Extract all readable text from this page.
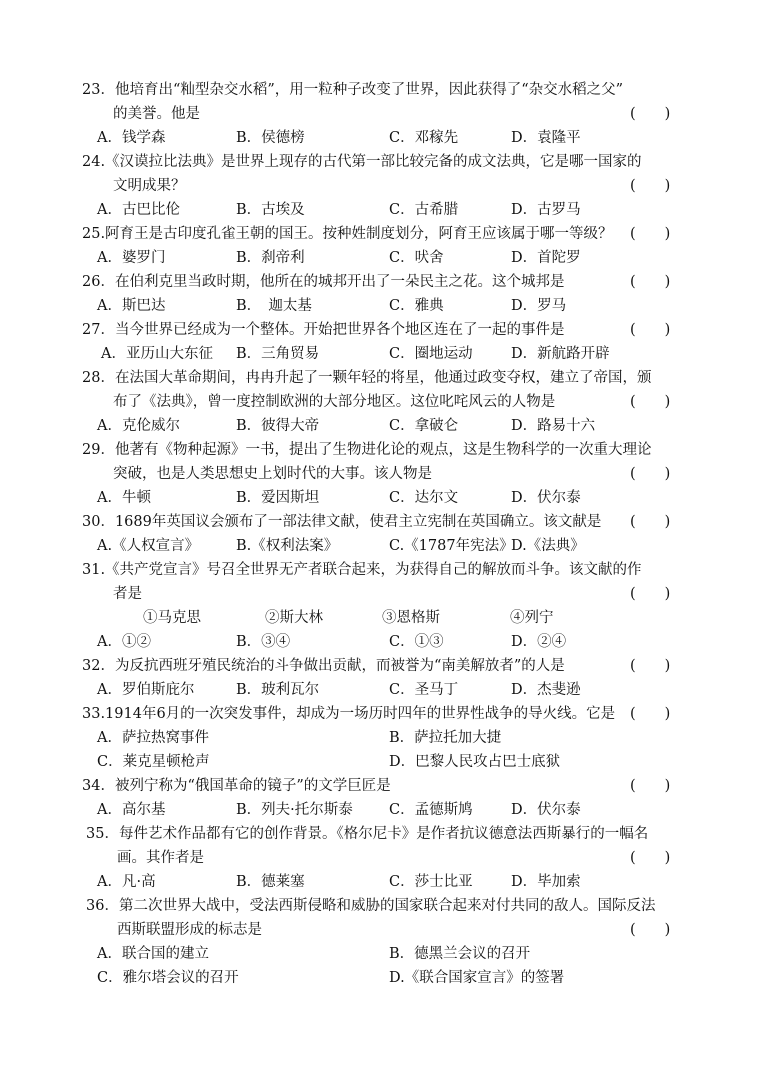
23．他培育出“籼型杂交水稻”，用一粒种子改变了世界，因此获得了“杂交水稻之父”
的美誉。他是	(　　)
A．钱学森	B．侯德榜	C．邓稼先	D．袁隆平
24.《汉谟拉比法典》是世界上现存的古代第一部比较完备的成文法典，它是哪一国家的
文明成果？	(　　)
A．古巴比伦	B．古埃及	C．古希腊	D．古罗马
25.阿育王是古印度孔雀王朝的国王。按种姓制度划分，阿育王应该属于哪一等级？ (　　)
A．婆罗门	B．刹帝利	C．吠舍	D．首陀罗
26．在伯利克里当政时期，他所在的城邦开出了一朵民主之花。这个城邦是	(　　)
A．斯巴达	B．　迦太基	C．雅典	D．罗马
27．当今世界已经成为一个整体。开始把世界各个地区连在了一起的事件是	(　　)
A．亚历山大东征 B．三角贸易	C．圈地运动	D．新航路开辟
28．在法国大革命期间，冉冉升起了一颗年轻的将星，他通过政变夺权，建立了帝国，颁
布了《法典》，曾一度控制欧洲的大部分地区。这位叱咤风云的人物是	(　　)
A．克伦威尔	B．彼得大帝	C．拿破仑	D．路易十六
29．他著有《物种起源》一书，提出了生物进化论的观点，这是生物科学的一次重大理论
突破，也是人类思想史上划时代的大事。该人物是	(　　)
A．牛顿	B．爱因斯坦	C．达尔文	D．伏尔泰
30．1689年英国议会颁布了一部法律文献，使君主立宪制在英国确立。该文献是 (　　)
A.《人权宣言》	B.《权利法案》	C.《1787年宪法》
D.《法典》
31.《共产党宣言》号召全世界无产者联合起来，为获得自己的解放而斗争。该文献的作
者是	(　　)
①马克思	②斯大林	③恩格斯	④列宁
A．①②	B．③④	C．①③	D．②④
32．为反抗西班牙殖民统治的斗争做出贡献，而被誉为“南美解放者”的人是	(　　)
A．罗伯斯庇尔	B．玻利瓦尔	C．圣马丁	D．杰斐逊
33.1914年6月的一次突发事件，却成为一场历时四年的世界性战争的导火线。它是 (　　)
A．萨拉热窝事件	B．萨拉托加大捷
C．莱克星顿枪声	D．巴黎人民攻占巴士底狱
34．被列宁称为“俄国革命的镜子”的文学巨匠是	(　　)
A．高尔基	B．列夫·托尔斯泰 C．孟德斯鸠	D．伏尔泰
35．每件艺术作品都有它的创作背景。《格尔尼卡》是作者抗议德意法西斯暴行的一幅名
画。其作者是	(　　)
A．凡·高	B．德莱塞	C．莎士比亚	D．毕加索
36．第二次世界大战中，受法西斯侵略和威胁的国家联合起来对付共同的敌人。国际反法
西斯联盟形成的标志是	(　　)
A．联合国的建立	B．德黑兰会议的召开
C．雅尔塔会议的召开	D.《联合国家宣言》的签署
